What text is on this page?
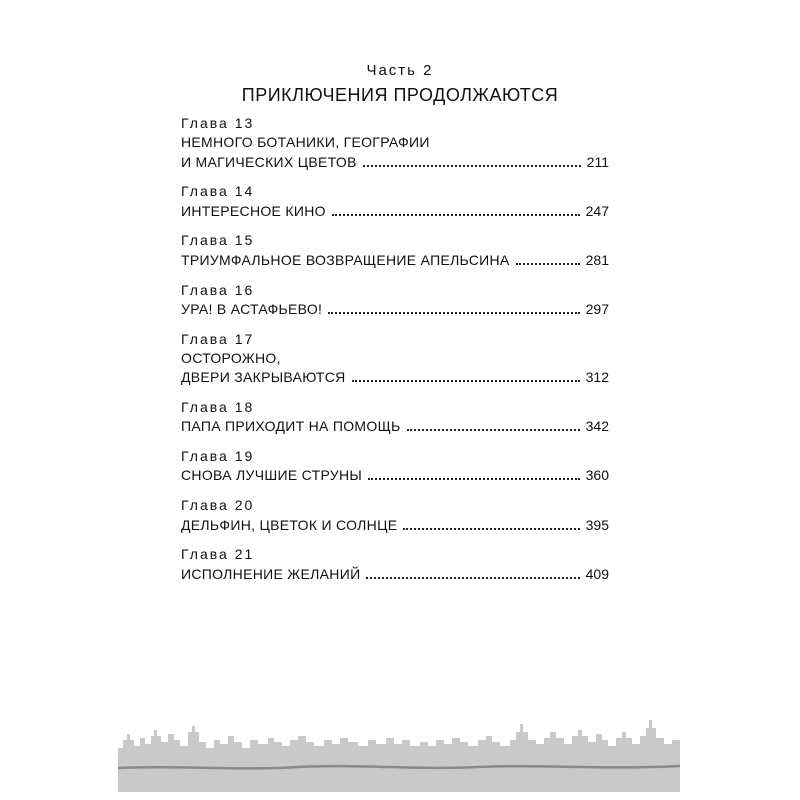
Часть 2
ПРИКЛЮЧЕНИЯ ПРОДОЛЖАЮТСЯ
Глава 13
НЕМНОГО БОТАНИКИ, ГЕОГРАФИИ
И МАГИЧЕСКИХ ЦВЕТОВ	211
Глава 14
ИНТЕРЕСНОЕ КИНО	247
Глава 15
ТРИУМФАЛЬНОЕ ВОЗВРАЩЕНИЕ АПЕЛЬСИНА	281
Глава 16
УРА! В АСТАФЬЕВО!	297
Глава 17
ОСТОРОЖНО,
ДВЕРИ ЗАКРЫВАЮТСЯ	312
Глава 18
ПАПА ПРИХОДИТ НА ПОМОЩЬ	342
Глава 19
СНОВА ЛУЧШИЕ СТРУНЫ	360
Глава 20
ДЕЛЬФИН, ЦВЕТОК И СОЛНЦЕ	395
Глава 21
ИСПОЛНЕНИЕ ЖЕЛАНИЙ	409
